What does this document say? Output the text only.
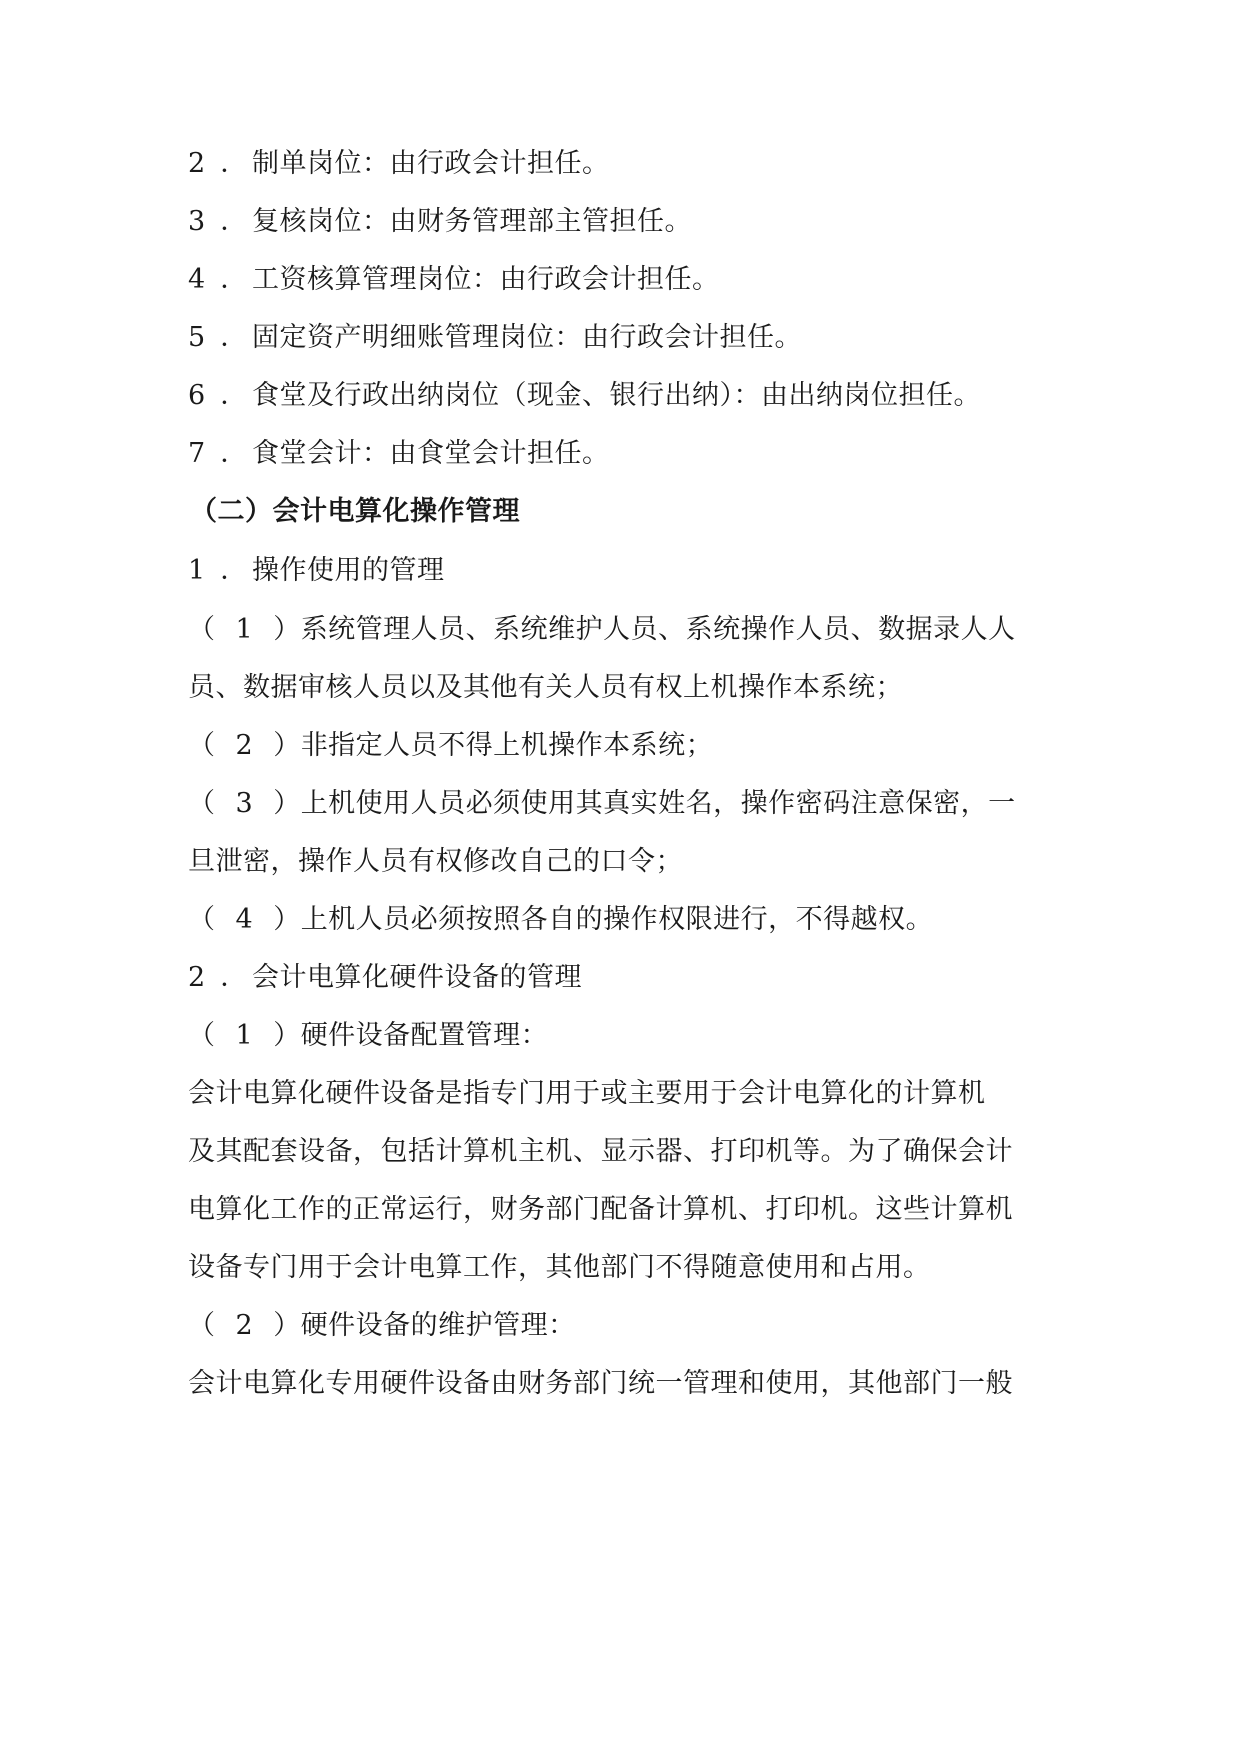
2 ． 制单岗位：由行政会计担任。
3 ． 复核岗位：由财务管理部主管担任。
4 ． 工资核算管理岗位：由行政会计担任。
5 ． 固定资产明细账管理岗位：由行政会计担任。
6 ． 食堂及行政出纳岗位（现金、银行出纳）：由出纳岗位担任。
7 ． 食堂会计：由食堂会计担任。
（二）会计电算化操作管理
1 ． 操作使用的管理
（ 1 ）系统管理人员、系统维护人员、系统操作人员、数据录人人
员、数据审核人员以及其他有关人员有权上机操作本系统；
（ 2 ）非指定人员不得上机操作本系统；
（ 3 ）上机使用人员必须使用其真实姓名，操作密码注意保密，一
旦泄密，操作人员有权修改自己的口令；
（ 4 ）上机人员必须按照各自的操作权限进行，不得越权。
2 ． 会计电算化硬件设备的管理
（ 1 ）硬件设备配置管理：
会计电算化硬件设备是指专门用于或主要用于会计电算化的计算机
及其配套设备，包括计算机主机、显示器、打印机等。为了确保会计
电算化工作的正常运行，财务部门配备计算机、打印机。这些计算机
设备专门用于会计电算工作，其他部门不得随意使用和占用。
（ 2 ）硬件设备的维护管理：
会计电算化专用硬件设备由财务部门统一管理和使用，其他部门一般
